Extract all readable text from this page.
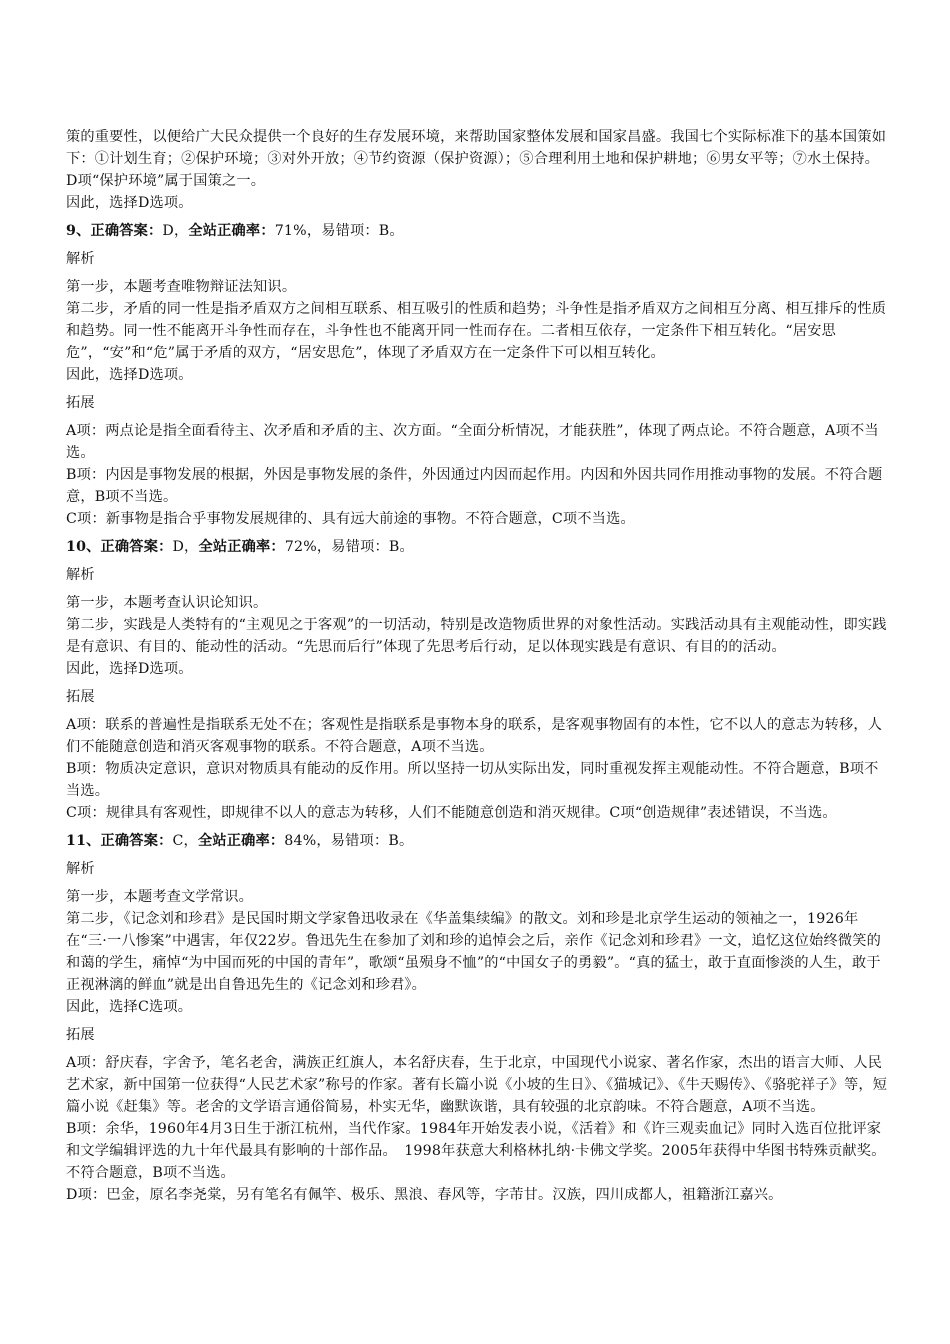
策的重要性，以便给广大民众提供一个良好的生存发展环境，来帮助国家整体发展和国家昌盛。我国七个实际标准下的基本国策如下：①计划生育；②保护环境；③对外开放；④节约资源（保护资源）；⑤合理利用土地和保护耕地；⑥男女平等；⑦水土保持。D项“保护环境”属于国策之一。

因此，选择D选项。

9、正确答案：D，全站正确率：71%，易错项：B。

解析

第一步，本题考查唯物辩证法知识。

第二步，矛盾的同一性是指矛盾双方之间相互联系、相互吸引的性质和趋势；斗争性是指矛盾双方之间相互分离、相互排斥的性质和趋势。同一性不能离开斗争性而存在，斗争性也不能离开同一性而存在。二者相互依存，一定条件下相互转化。“居安思危”，“安”和“危”属于矛盾的双方，“居安思危”，体现了矛盾双方在一定条件下可以相互转化。

因此，选择D选项。

拓展

A项：两点论是指全面看待主、次矛盾和矛盾的主、次方面。“全面分析情况，才能获胜”，体现了两点论。不符合题意，A项不当选。

B项：内因是事物发展的根据，外因是事物发展的条件，外因通过内因而起作用。内因和外因共同作用推动事物的发展。不符合题意，B项不当选。

C项：新事物是指合乎事物发展规律的、具有远大前途的事物。不符合题意，C项不当选。

10、正确答案：D，全站正确率：72%，易错项：B。

解析

第一步，本题考查认识论知识。

第二步，实践是人类特有的“主观见之于客观”的一切活动，特别是改造物质世界的对象性活动。实践活动具有主观能动性，即实践是有意识、有目的、能动性的活动。“先思而后行”体现了先思考后行动，足以体现实践是有意识、有目的的活动。

因此，选择D选项。

拓展

A项：联系的普遍性是指联系无处不在；客观性是指联系是事物本身的联系，是客观事物固有的本性，它不以人的意志为转移，人们不能随意创造和消灭客观事物的联系。不符合题意，A项不当选。

B项：物质决定意识，意识对物质具有能动的反作用。所以坚持一切从实际出发，同时重视发挥主观能动性。不符合题意，B项不当选。

C项：规律具有客观性，即规律不以人的意志为转移，人们不能随意创造和消灭规律。C项“创造规律”表述错误，不当选。

11、正确答案：C，全站正确率：84%，易错项：B。

解析

第一步，本题考查文学常识。

第二步，《记念刘和珍君》是民国时期文学家鲁迅收录在《华盖集续编》的散文。刘和珍是北京学生运动的领袖之一，1926年在“三·一八惨案”中遇害，年仅22岁。鲁迅先生在参加了刘和珍的追悼会之后，亲作《记念刘和珍君》一文，追忆这位始终微笑的和蔼的学生，痛悼“为中国而死的中国的青年”，歌颂“虽殒身不恤”的“中国女子的勇毅”。“真的猛士，敢于直面惨淡的人生，敢于正视淋漓的鲜血”就是出自鲁迅先生的《记念刘和珍君》。

因此，选择C选项。

拓展

A项：舒庆春，字舍予，笔名老舍，满族正红旗人，本名舒庆春，生于北京，中国现代小说家、著名作家，杰出的语言大师、人民艺术家，新中国第一位获得“人民艺术家”称号的作家。著有长篇小说《小坡的生日》、《猫城记》、《牛天赐传》、《骆驼祥子》等，短篇小说《赶集》等。老舍的文学语言通俗简易，朴实无华，幽默诙谐，具有较强的北京韵味。不符合题意，A项不当选。

B项：余华，1960年4月3日生于浙江杭州，当代作家。1984年开始发表小说，《活着》和《许三观卖血记》同时入选百位批评家和文学编辑评选的九十年代最具有影响的十部作品。　1998年获意大利格林扎纳·卡佛文学奖。2005年获得中华图书特殊贡献奖。不符合题意，B项不当选。

D项：巴金，原名李尧棠，另有笔名有佩竿、极乐、黑浪、春风等，字芾甘。汉族，四川成都人，祖籍浙江嘉兴。
